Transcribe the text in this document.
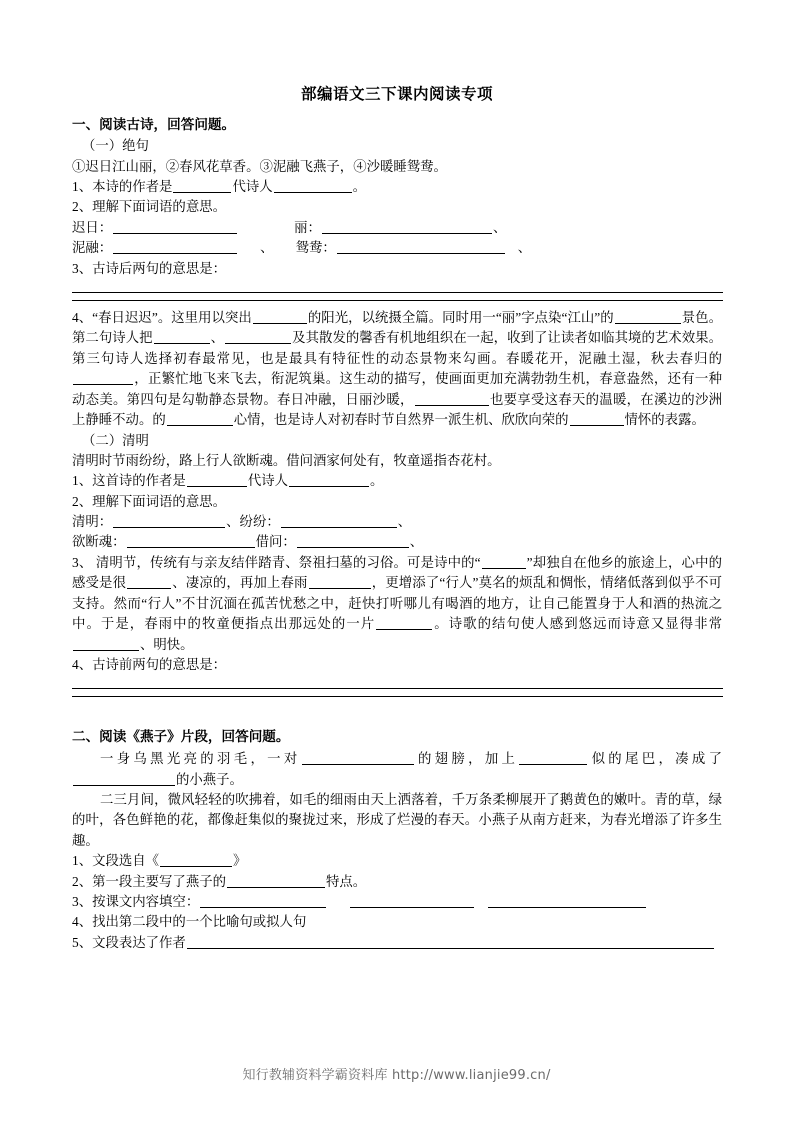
部编语文三下课内阅读专项
一、阅读古诗，回答问题。
（一）绝句
①迟日江山丽，②春风花草香。③泥融飞燕子，④沙暖睡鸳鸯。
1、本诗的作者是	代诗人	。
2、理解下面词语的意思。
迟日：	丽：	、
泥融：	、 鸳鸯：	、
3、古诗后两句的意思是：
4、“春日迟迟”。这里用以突出	的阳光，以统摄全篇。同时用一“丽”字点染“江山”的	景色。第二句诗人把	、	及其散发的馨香有机地组织在一起，收到了让读者如临其境的艺术效果。第三句诗人选择初春最常见，也是最具有特征性的动态景物来勾画。春暖花开，泥融土湿，秋去春归的，正繁忙地飞来飞去，衔泥筑巢。这生动的描写，使画面更加充满勃勃生机，春意盎然，还有一种动态美。第四句是勾勒静态景物。春日冲融，日丽沙暖，	也要享受这春天的温暖，在溪边的沙洲上静睡不动。的	心情，也是诗人对初春时节自然界一派生机、欣欣向荣的	情怀的表露。
（二）清明
清明时节雨纷纷，路上行人欲断魂。借问酒家何处有，牧童遥指杏花村。
1、这首诗的作者是	代诗人	。
2、理解下面词语的意思。
清明：	、纷纷：	、
欲断魂：	借问：	、
3、 清明节，传统有与亲友结伴踏青、祭祖扫墓的习俗。可是诗中的“	”却独自在他乡的旅途上，心中的感受是很	、凄凉的，再加上春雨	，更增添了“行人”莫名的烦乱和惆怅，情绪低落到似乎不可支持。然而“行人”不甘沉湎在孤苦忧愁之中，赶快打听哪儿有喝酒的地方，让自己能置身于人和酒的热流之中。于是，春雨中的牧童便指点出那远处的一片	。诗歌的结句使人感到悠远而诗意又显得非常、明快。
4、古诗前两句的意思是：
二、阅读《燕子》片段，回答问题。
一身乌黑光亮的羽毛，一对	的翅膀，加上	似的尾巴，凑成了的小燕子。
二三月间，微风轻轻的吹拂着，如毛的细雨由天上洒落着，千万条柔柳展开了鹅黄色的嫩叶。青的草，绿的叶，各色鲜艳的花，都像赶集似的聚拢过来，形成了烂漫的春天。小燕子从南方赶来，为春光增添了许多生趣。
1、文段选自《	》
2、第一段主要写了燕子的	特点。
3、按课文内容填空：
4、找出第二段中的一个比喻句或拟人句
5、文段表达了作者
知行教辅资料学霸资料库 http://www.lianjie99.cn/
